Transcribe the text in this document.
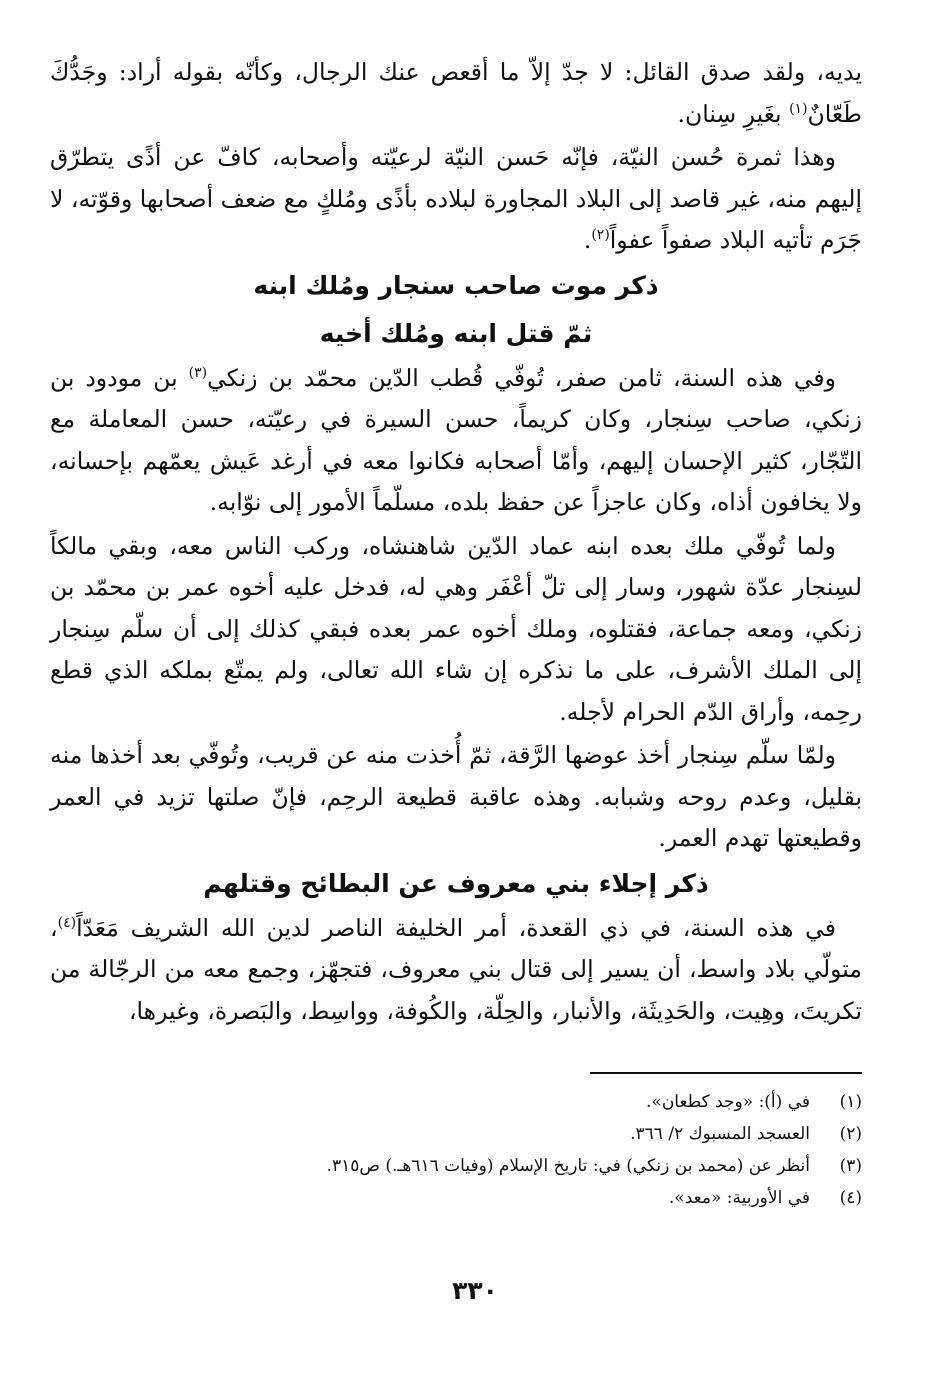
يديه، ولقد صدق القائل: لا جدّ إلاّ ما أقعص عنك الرجال، وكأنّه بقوله أراد: وجَدُّكَ طَعّانٌ$^{(١)}$ بغَيرِ سِنان.

وهذا ثمرة حُسن النيّة، فإنّه حَسن النيّة لرعيّته وأصحابه، كافّ عن أذًى يتطرّق إليهم منه، غير قاصد إلى البلاد المجاورة لبلاده بأذًى ومُلكٍ مع ضعف أصحابها وقوّته، لا جَرَم تأتيه البلاد صفواً عفواً$^{(٢)}$.

ذكر موت صاحب سنجار ومُلك ابنه
ثمّ قتل ابنه ومُلك أخيه

وفي هذه السنة، ثامن صفر، تُوفّي قُطب الدّين محمّد بن زنكي$^{(٣)}$ بن مودود بن زنكي، صاحب سِنجار، وكان كريماً، حسن السيرة في رعيّته، حسن المعاملة مع التّجّار، كثير الإحسان إليهم، وأمّا أصحابه فكانوا معه في أرغد عَيش يعمّهم بإحسانه، ولا يخافون أذاه، وكان عاجزاً عن حفظ بلده، مسلّماً الأمور إلى نوّابه.

ولما تُوفّي ملك بعده ابنه عماد الدّين شاهنشاه، وركب الناس معه، وبقي مالكاً لسِنجار عدّة شهور، وسار إلى تلّ أعْفَر وهي له، فدخل عليه أخوه عمر بن محمّد بن زنكي، ومعه جماعة، فقتلوه، وملك أخوه عمر بعده فبقي كذلك إلى أن سلّم سِنجار إلى الملك الأشرف، على ما نذكره إن شاء الله تعالى، ولم يمتّع بملكه الذي قطع رحِمه، وأراق الدّم الحرام لأجله.

ولمّا سلّم سِنجار أخذ عوضها الرَّقة، ثمّ أُخذت منه عن قريب، وتُوفّي بعد أخذها منه بقليل، وعدم روحه وشبابه. وهذه عاقبة قطيعة الرحِم، فإنّ صلتها تزيد في العمر وقطيعتها تهدم العمر.

ذكر إجلاء بني معروف عن البطائح وقتلهم

في هذه السنة، في ذي القعدة، أمر الخليفة الناصر لدين الله الشريف مَعَدّاً$^{(٤)}$، متولّي بلاد واسط، أن يسير إلى قتال بني معروف، فتجهّز، وجمع معه من الرجّالة من تكريتَ، وهِيت، والحَدِيثَة، والأنبار، والحِلّة، والكُوفة، وواسِط، والبَصرة، وغيرها،

(١)في (أ): «وجد كطعان».
(٢)العسجد المسبوك ٢/ ٣٦٦.
(٣)أنظر عن (محمد بن زنكي) في: تاريخ الإسلام (وفيات ٦١٦هـ.) ص٣١٥.
(٤)في الأوربية: «معد».
٣٣٠
